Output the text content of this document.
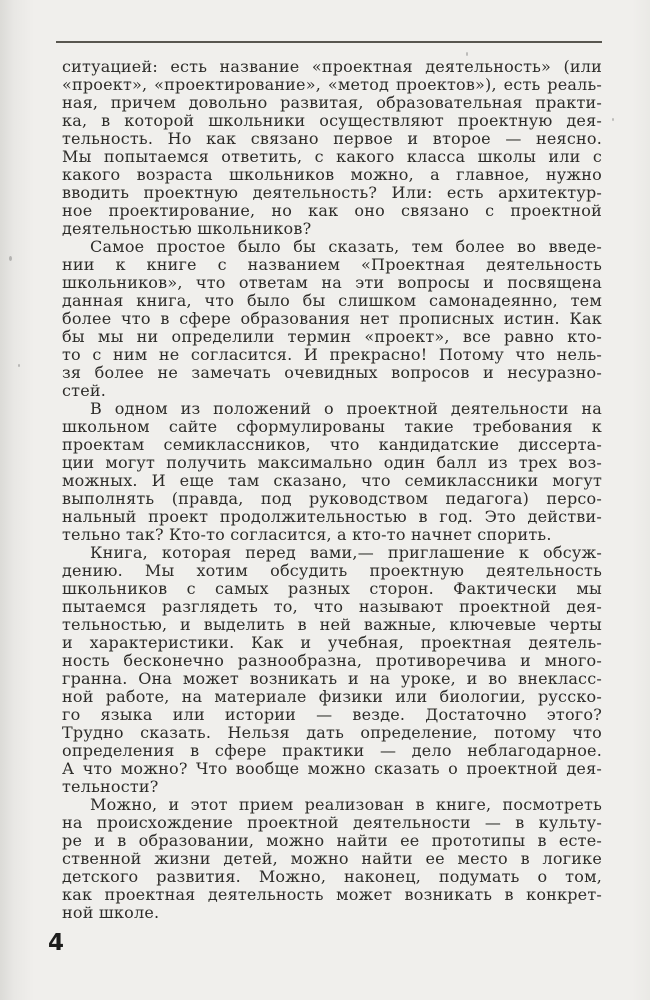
ситуацией: есть название «проектная деятельность» (или
«проект», «проектирование», «метод проектов»), есть реаль-
ная, причем довольно развитая, образовательная практи-
ка, в которой школьники осуществляют проектную дея-
тельность. Но как связано первое и второе — неясно.
Мы попытаемся ответить, с какого класса школы или с
какого возраста школьников можно, а главное, нужно
вводить проектную деятельность? Или: есть архитектур-
ное проектирование, но как оно связано с проектной
деятельностью школьников?
Самое простое было бы сказать, тем более во введе-
нии к книге с названием «Проектная деятельность
школьников», что ответам на эти вопросы и посвящена
данная книга, что было бы слишком самонадеянно, тем
более что в сфере образования нет прописных истин. Как
бы мы ни определили термин «проект», все равно кто-
то с ним не согласится. И прекрасно! Потому что нель-
зя более не замечать очевидных вопросов и несуразно-
стей.
В одном из положений о проектной деятельности на
школьном сайте сформулированы такие требования к
проектам семиклассников, что кандидатские диссерта-
ции могут получить максимально один балл из трех воз-
можных. И еще там сказано, что семиклассники могут
выполнять (правда, под руководством педагога) персо-
нальный проект продолжительностью в год. Это действи-
тельно так? Кто-то согласится, а кто-то начнет спорить.
Книга, которая перед вами,— приглашение к обсуж-
дению. Мы хотим обсудить проектную деятельность
школьников с самых разных сторон. Фактически мы
пытаемся разглядеть то, что называют проектной дея-
тельностью, и выделить в ней важные, ключевые черты
и характеристики. Как и учебная, проектная деятель-
ность бесконечно разнообразна, противоречива и много-
гранна. Она может возникать и на уроке, и во внекласс-
ной работе, на материале физики или биологии, русско-
го языка или истории — везде. Достаточно этого?
Трудно сказать. Нельзя дать определение, потому что
определения в сфере практики — дело неблагодарное.
А что можно? Что вообще можно сказать о проектной дея-
тельности?
Можно, и этот прием реализован в книге, посмотреть
на происхождение проектной деятельности — в культу-
ре и в образовании, можно найти ее прототипы в есте-
ственной жизни детей, можно найти ее место в логике
детского развития. Можно, наконец, подумать о том,
как проектная деятельность может возникать в конкрет-
ной школе.
4
